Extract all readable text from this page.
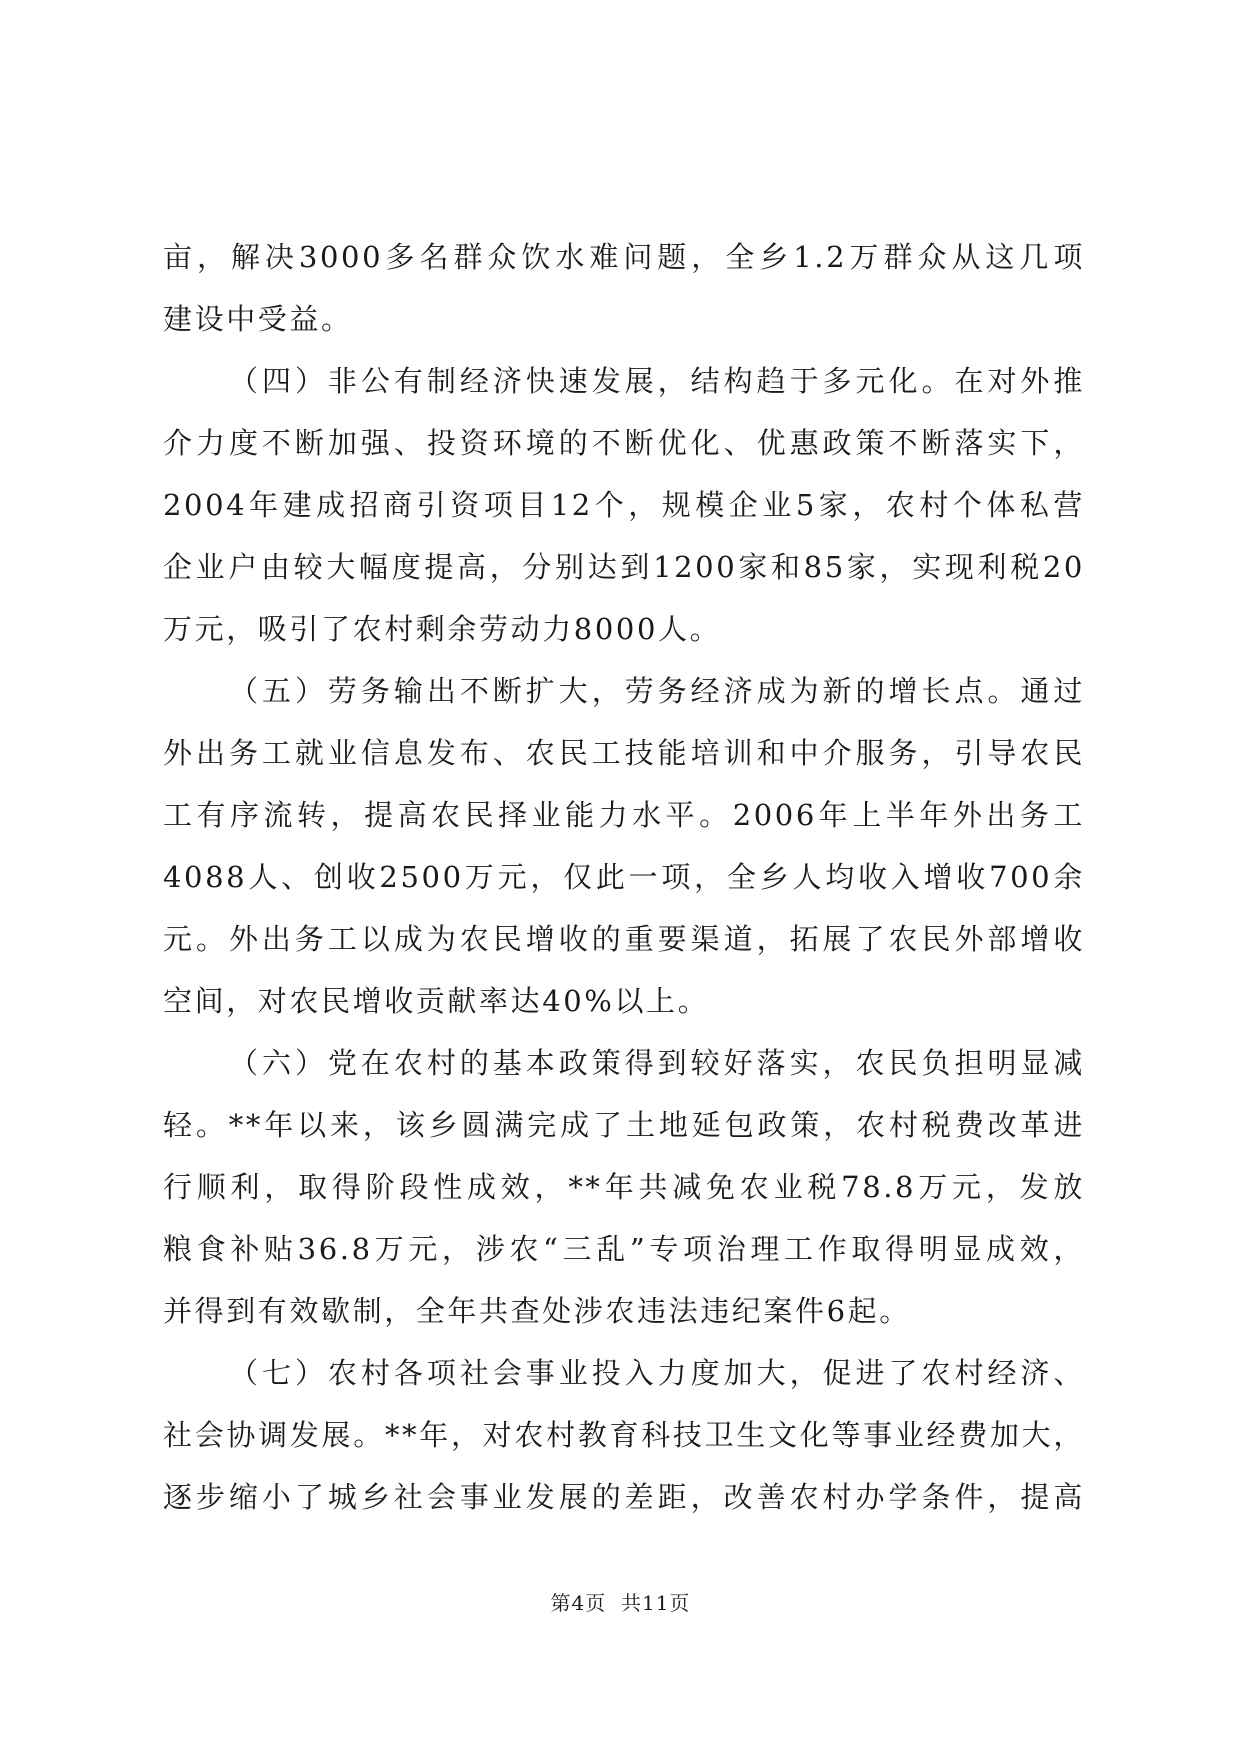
亩，解决3000多名群众饮水难问题，全乡1.2万群众从这几项
建设中受益。
（四）非公有制经济快速发展，结构趋于多元化。在对外推
介力度不断加强、投资环境的不断优化、优惠政策不断落实下，
2004年建成招商引资项目12个，规模企业5家，农村个体私营
企业户由较大幅度提高，分别达到1200家和85家，实现利税20
万元，吸引了农村剩余劳动力8000人。
（五）劳务输出不断扩大，劳务经济成为新的增长点。通过
外出务工就业信息发布、农民工技能培训和中介服务，引导农民
工有序流转，提高农民择业能力水平。2006年上半年外出务工
4088人、创收2500万元，仅此一项，全乡人均收入增收700余
元。外出务工以成为农民增收的重要渠道，拓展了农民外部增收
空间，对农民增收贡献率达40%以上。
（六）党在农村的基本政策得到较好落实，农民负担明显减
轻。**年以来，该乡圆满完成了土地延包政策，农村税费改革进
行顺利，取得阶段性成效，**年共减免农业税78.8万元，发放
粮食补贴36.8万元，涉农“三乱”专项治理工作取得明显成效，
并得到有效歇制，全年共查处涉农违法违纪案件6起。
（七）农村各项社会事业投入力度加大，促进了农村经济、
社会协调发展。**年，对农村教育科技卫生文化等事业经费加大，
逐步缩小了城乡社会事业发展的差距，改善农村办学条件，提高
第4页  共11页
